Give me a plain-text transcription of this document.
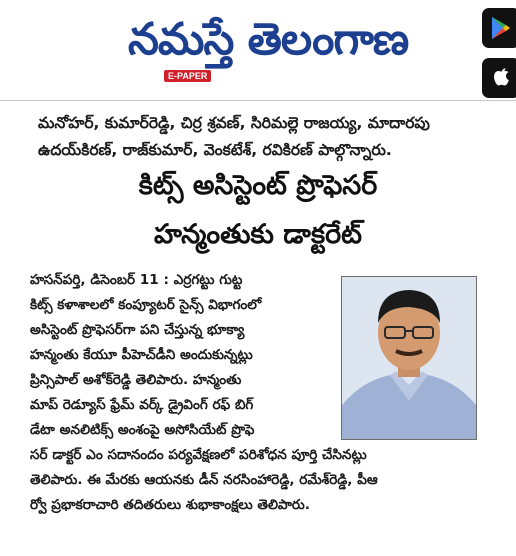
నమస్తే తెలంగాణ
E-PAPER
మనోహర్, కుమార్‌రెడ్డి, చిర్ర శ్రవణ్, సిరిమల్లె రాజయ్య, మాదారపు
ఉదయ్‌కిరణ్, రాజ్‌కుమార్, వెంకటేశ్, రవికిరణ్ పాల్గొన్నారు.
కిట్స్ అసిస్టెంట్ ప్రొఫెసర్
హన్మంతుకు డాక్టరేట్
హసన్‌పర్తి, డిసెంబర్ 11 : ఎర్రగట్టు గుట్ట
కిట్స్ కళాశాలలో కంప్యూటర్ సైన్స్ విభాగంలో
అసిస్టెంట్ ప్రొఫెసర్‌గా పని చేస్తున్న భూక్యా
హన్మంతు కేయూ పీహెచ్‌డీని అందుకున్నట్లు
ప్రిన్సిపాల్ అశోక్‌రెడ్డి తెలిపారు. హన్మంతు
మాప్ రెడ్యూస్ ఫ్రేమ్ వర్క్ డ్రైవింగ్ రఫ్ బిగ్
డేటా అనలిటిక్స్ అంశంపై అసోసియేట్ ప్రొఫె
సర్ డాక్టర్ ఎం సదానందం పర్యవేక్షణలో పరిశోధన పూర్తి చేసినట్లు
తెలిపారు. ఈ మేరకు ఆయనకు డీన్ నరసింహారెడ్డి, రమేశ్‌రెడ్డి, పీఆ
ర్వో ప్రభాకరాచారి తదితరులు శుభాకాంక్షలు తెలిపారు.
